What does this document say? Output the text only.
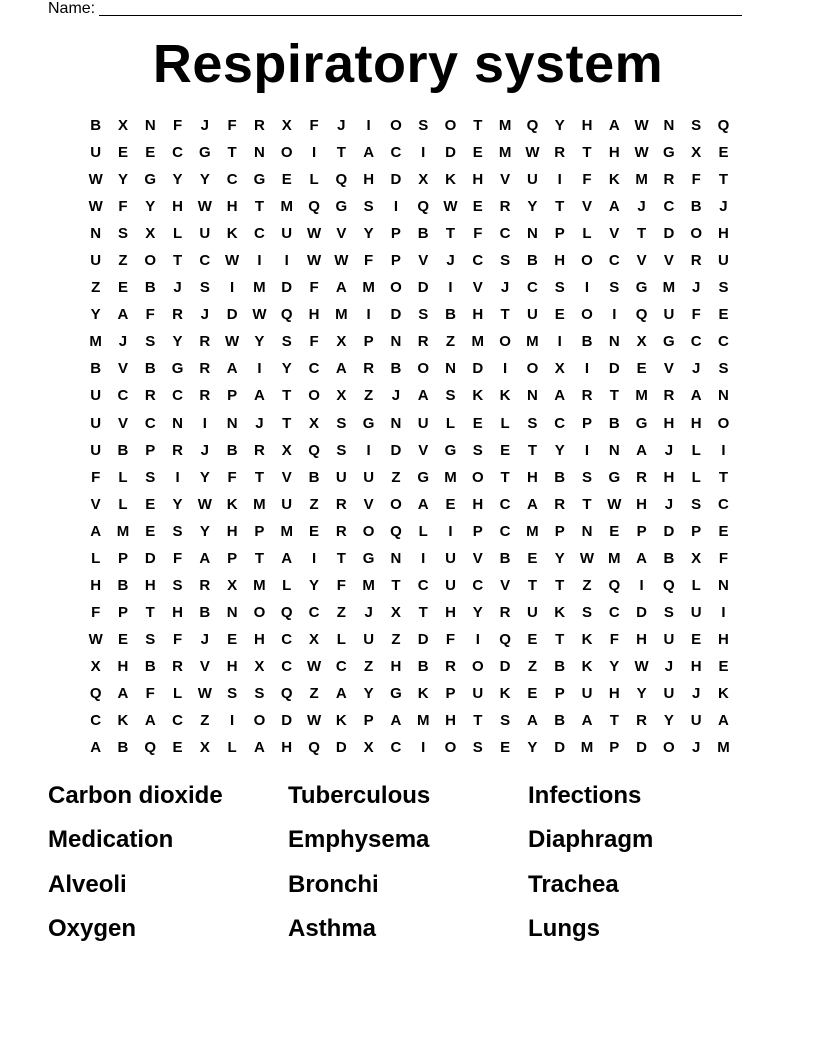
Name:
Respiratory system
B	X	N	F	J	F	R	X	F	J	I	O	S	O	T	M	Q	Y	H	A W N	S	Q
U	E	E	C	G	T	N	O	I	T	A	C	I	D	E	M W R	T	H W G	X	E
W	Y	G	Y	Y	C	G	E	L	Q	H	D	X	K	H	V	U	I	F	K	M	R	F	T
W	F	Y	H W H	T	M	Q	G	S	I	Q W	E	R	Y	T	V	A	J	C	B	J
N	S	X	L	U	K	C	U W	V	Y	P	B	T	F	C	N	P	L	V	T	D	O	H
U	Z	O	T	C W	I	I	W W	F	P	V	J	C	S	B	H	O	C	V	V	R	U
Z	E	B	J	S	I	M	D	F	A	M	O	D	I	V	J	C	S	I	S	G	M	J	S
Y	A	F	R	J	D W Q	H	M	I	D	S	B	H	T	U	E	O	I	Q	U	F	E
M	J	S	Y	R W	Y	S	F	X	P	N	R	Z	M	O	M	I	B	N	X	G	C	C
B	V	B	G	R	A	I	Y	C	A	R	B	O	N	D	I	O	X	I	D	E	V	J	S
U	C	R	C	R	P	A	T	O	X	Z	J	A	S	K	K	N	A	R	T	M	R	A	N
U	V	C	N	I	N	J	T	X	S	G	N	U	L	E	L	S	C	P	B	G	H	H	O
U	B	P	R	J	B	R	X	Q	S	I	D	V	G	S	E	T	Y	I	N	A	J	L	I
F	L	S	I	Y	F	T	V	B	U	U	Z	G	M	O	T	H	B	S	G	R	H	L	T
V	L	E	Y	W K	M	U	Z	R	V	O	A	E	H	C	A	R	T	W H	J	S	C
A	M	E	S	Y	H	P	M	E	R	O	Q	L	I	P	C	M	P	N	E	P	D	P	E
L	P	D	F	A	P	T	A	I	T	G	N	I	U	V	B	E	Y	W M	A	B	X	F
H	B	H	S	R	X	M	L	Y	F	M	T	C	U	C	V	T	T	Z	Q	I	Q	L	N
F	P	T	H	B	N	O	Q	C	Z	J	X	T	H	Y	R	U	K	S	C	D	S	U	I
W	E	S	F	J	E	H	C	X	L	U	Z	D	F	I	Q	E	T	K	F	H	U	E	H
X	H	B	R	V	H	X	C W C	Z	H	B	R	O	D	Z	B	K	Y	W	J	H	E
Q	A	F	L	W	S	S	Q	Z	A	Y	G	K	P	U	K	E	P	U	H	Y	U	J	K
C	K	A	C	Z	I	O	D W K	P	A	M	H	T	S	A	B	A	T	R	Y	U	A
A	B	Q	E	X	L	A	H	Q	D	X	C	I	O	S	E	Y	D	M	P	D	O	J	M
Carbon dioxide	Tuberculous	Infections
Medication	Emphysema	Diaphragm
Alveoli	Bronchi	Trachea
Oxygen	Asthma	Lungs
